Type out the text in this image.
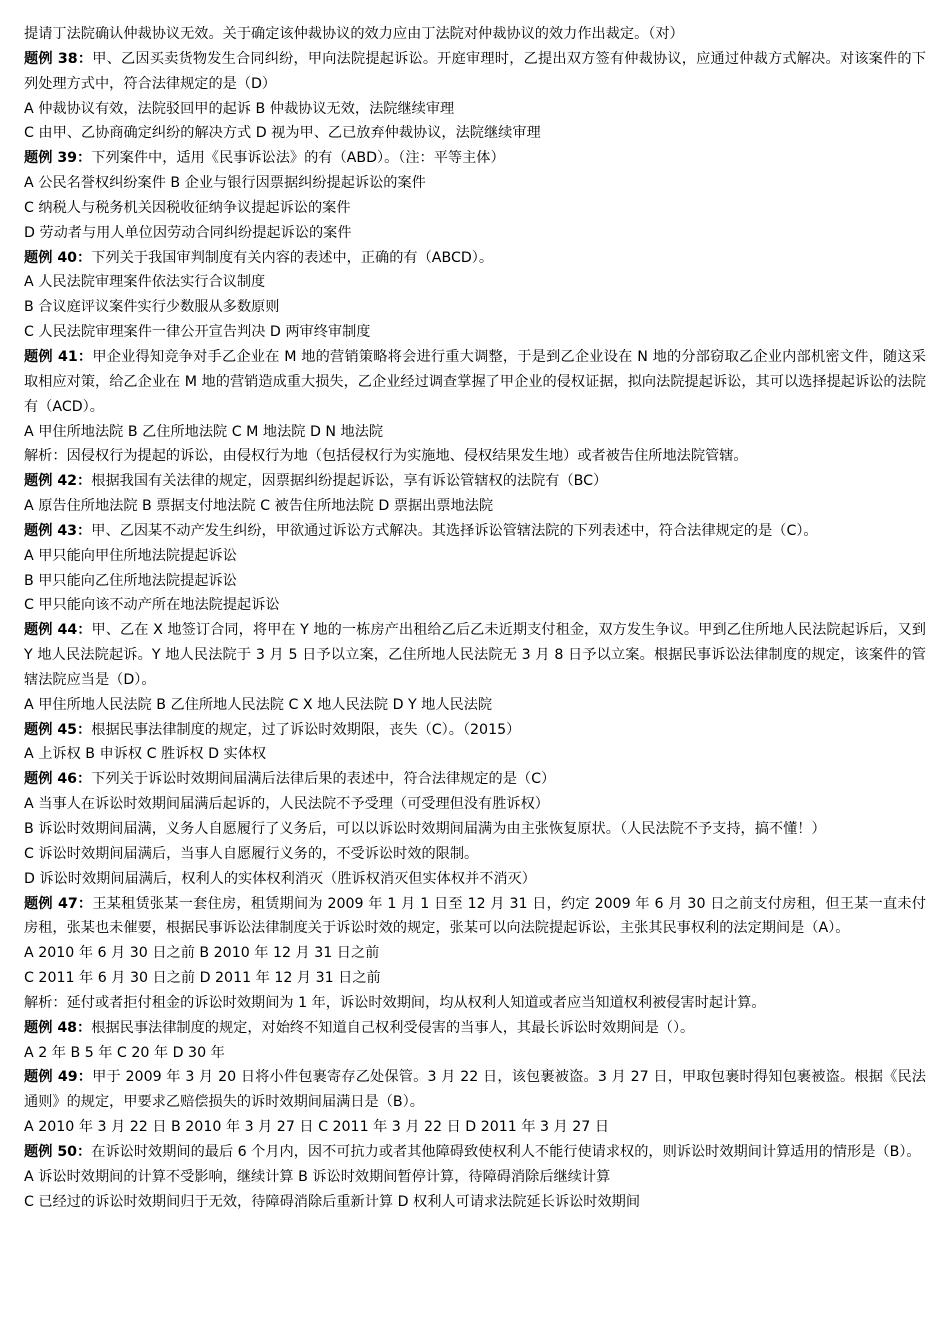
提请丁法院确认仲裁协议无效。关于确定该仲裁协议的效力应由丁法院对仲裁协议的效力作出裁定。（对）
题例 38：甲、乙因买卖货物发生合同纠纷，甲向法院提起诉讼。开庭审理时，乙提出双方签有仲裁协议，应通过仲裁方式解决。对该案件的下列处理方式中，符合法律规定的是（D）
A 仲裁协议有效，法院驳回甲的起诉 B 仲裁协议无效，法院继续审理
C 由甲、乙协商确定纠纷的解决方式 D 视为甲、乙已放弃仲裁协议，法院继续审理
题例 39：下列案件中，适用《民事诉讼法》的有（ABD）。（注：平等主体）
A 公民名誉权纠纷案件 B 企业与银行因票据纠纷提起诉讼的案件
C 纳税人与税务机关因税收征纳争议提起诉讼的案件
D 劳动者与用人单位因劳动合同纠纷提起诉讼的案件
题例 40：下列关于我国审判制度有关内容的表述中，正确的有（ABCD）。
A 人民法院审理案件依法实行合议制度
B 合议庭评议案件实行少数服从多数原则
C 人民法院审理案件一律公开宣告判决 D 两审终审制度
题例 41：甲企业得知竞争对手乙企业在 M 地的营销策略将会进行重大调整，于是到乙企业设在 N 地的分部窃取乙企业内部机密文件，随这采取相应对策，给乙企业在 M 地的营销造成重大损失，乙企业经过调查掌握了甲企业的侵权证据，拟向法院提起诉讼，其可以选择提起诉讼的法院有（ACD）。
A 甲住所地法院 B 乙住所地法院 C M 地法院 D N 地法院
解析：因侵权行为提起的诉讼，由侵权行为地（包括侵权行为实施地、侵权结果发生地）或者被告住所地法院管辖。
题例 42：根据我国有关法律的规定，因票据纠纷提起诉讼，享有诉讼管辖权的法院有（BC）
A 原告住所地法院 B 票据支付地法院 C 被告住所地法院 D 票据出票地法院
题例 43：甲、乙因某不动产发生纠纷，甲欲通过诉讼方式解决。其选择诉讼管辖法院的下列表述中，符合法律规定的是（C）。
A 甲只能向甲住所地法院提起诉讼
B 甲只能向乙住所地法院提起诉讼
C 甲只能向该不动产所在地法院提起诉讼
题例 44：甲、乙在 X 地签订合同，将甲在 Y 地的一栋房产出租给乙后乙未近期支付租金，双方发生争议。甲到乙住所地人民法院起诉后，又到 Y 地人民法院起诉。Y 地人民法院于 3 月 5 日予以立案，乙住所地人民法院无 3 月 8 日予以立案。根据民事诉讼法律制度的规定，该案件的管辖法院应当是（D）。
A 甲住所地人民法院 B 乙住所地人民法院 C X 地人民法院 D Y 地人民法院
题例 45：根据民事法律制度的规定，过了诉讼时效期限，丧失（C）。（2015）
A 上诉权 B 申诉权 C 胜诉权 D 实体权
题例 46：下列关于诉讼时效期间届满后法律后果的表述中，符合法律规定的是（C）
A 当事人在诉讼时效期间届满后起诉的，人民法院不予受理（可受理但没有胜诉权）
B 诉讼时效期间届满，义务人自愿履行了义务后，可以以诉讼时效期间届满为由主张恢复原状。（人民法院不予支持，搞不懂！）
C 诉讼时效期间届满后，当事人自愿履行义务的，不受诉讼时效的限制。
D 诉讼时效期间届满后，权利人的实体权利消灭（胜诉权消灭但实体权并不消灭）
题例 47：王某租赁张某一套住房，租赁期间为 2009 年 1 月 1 日至 12 月 31 日，约定 2009 年 6 月 30 日之前支付房租，但王某一直未付房租，张某也未催要，根据民事诉讼法律制度关于诉讼时效的规定，张某可以向法院提起诉讼，主张其民事权利的法定期间是（A）。
A 2010 年 6 月 30 日之前 B 2010 年 12 月 31 日之前
C 2011 年 6 月 30 日之前 D 2011 年 12 月 31 日之前
解析：延付或者拒付租金的诉讼时效期间为 1 年，诉讼时效期间，均从权利人知道或者应当知道权利被侵害时起计算。
题例 48：根据民事法律制度的规定，对始终不知道自己权利受侵害的当事人，其最长诉讼时效期间是（）。
A 2 年 B 5 年 C 20 年 D 30 年
题例 49：甲于 2009 年 3 月 20 日将小件包裹寄存乙处保管。3 月 22 日，该包裹被盗。3 月 27 日，甲取包裹时得知包裹被盗。根据《民法通则》的规定，甲要求乙赔偿损失的诉时效期间届满日是（B）。
A 2010 年 3 月 22 日 B 2010 年 3 月 27 日 C 2011 年 3 月 22 日 D 2011 年 3 月 27 日
题例 50：在诉讼时效期间的最后 6 个月内，因不可抗力或者其他障碍致使权利人不能行使请求权的，则诉讼时效期间计算适用的情形是（B）。
A 诉讼时效期间的计算不受影响，继续计算 B 诉讼时效期间暂停计算，待障碍消除后继续计算
C 已经过的诉讼时效期间归于无效，待障碍消除后重新计算 D 权利人可请求法院延长诉讼时效期间
